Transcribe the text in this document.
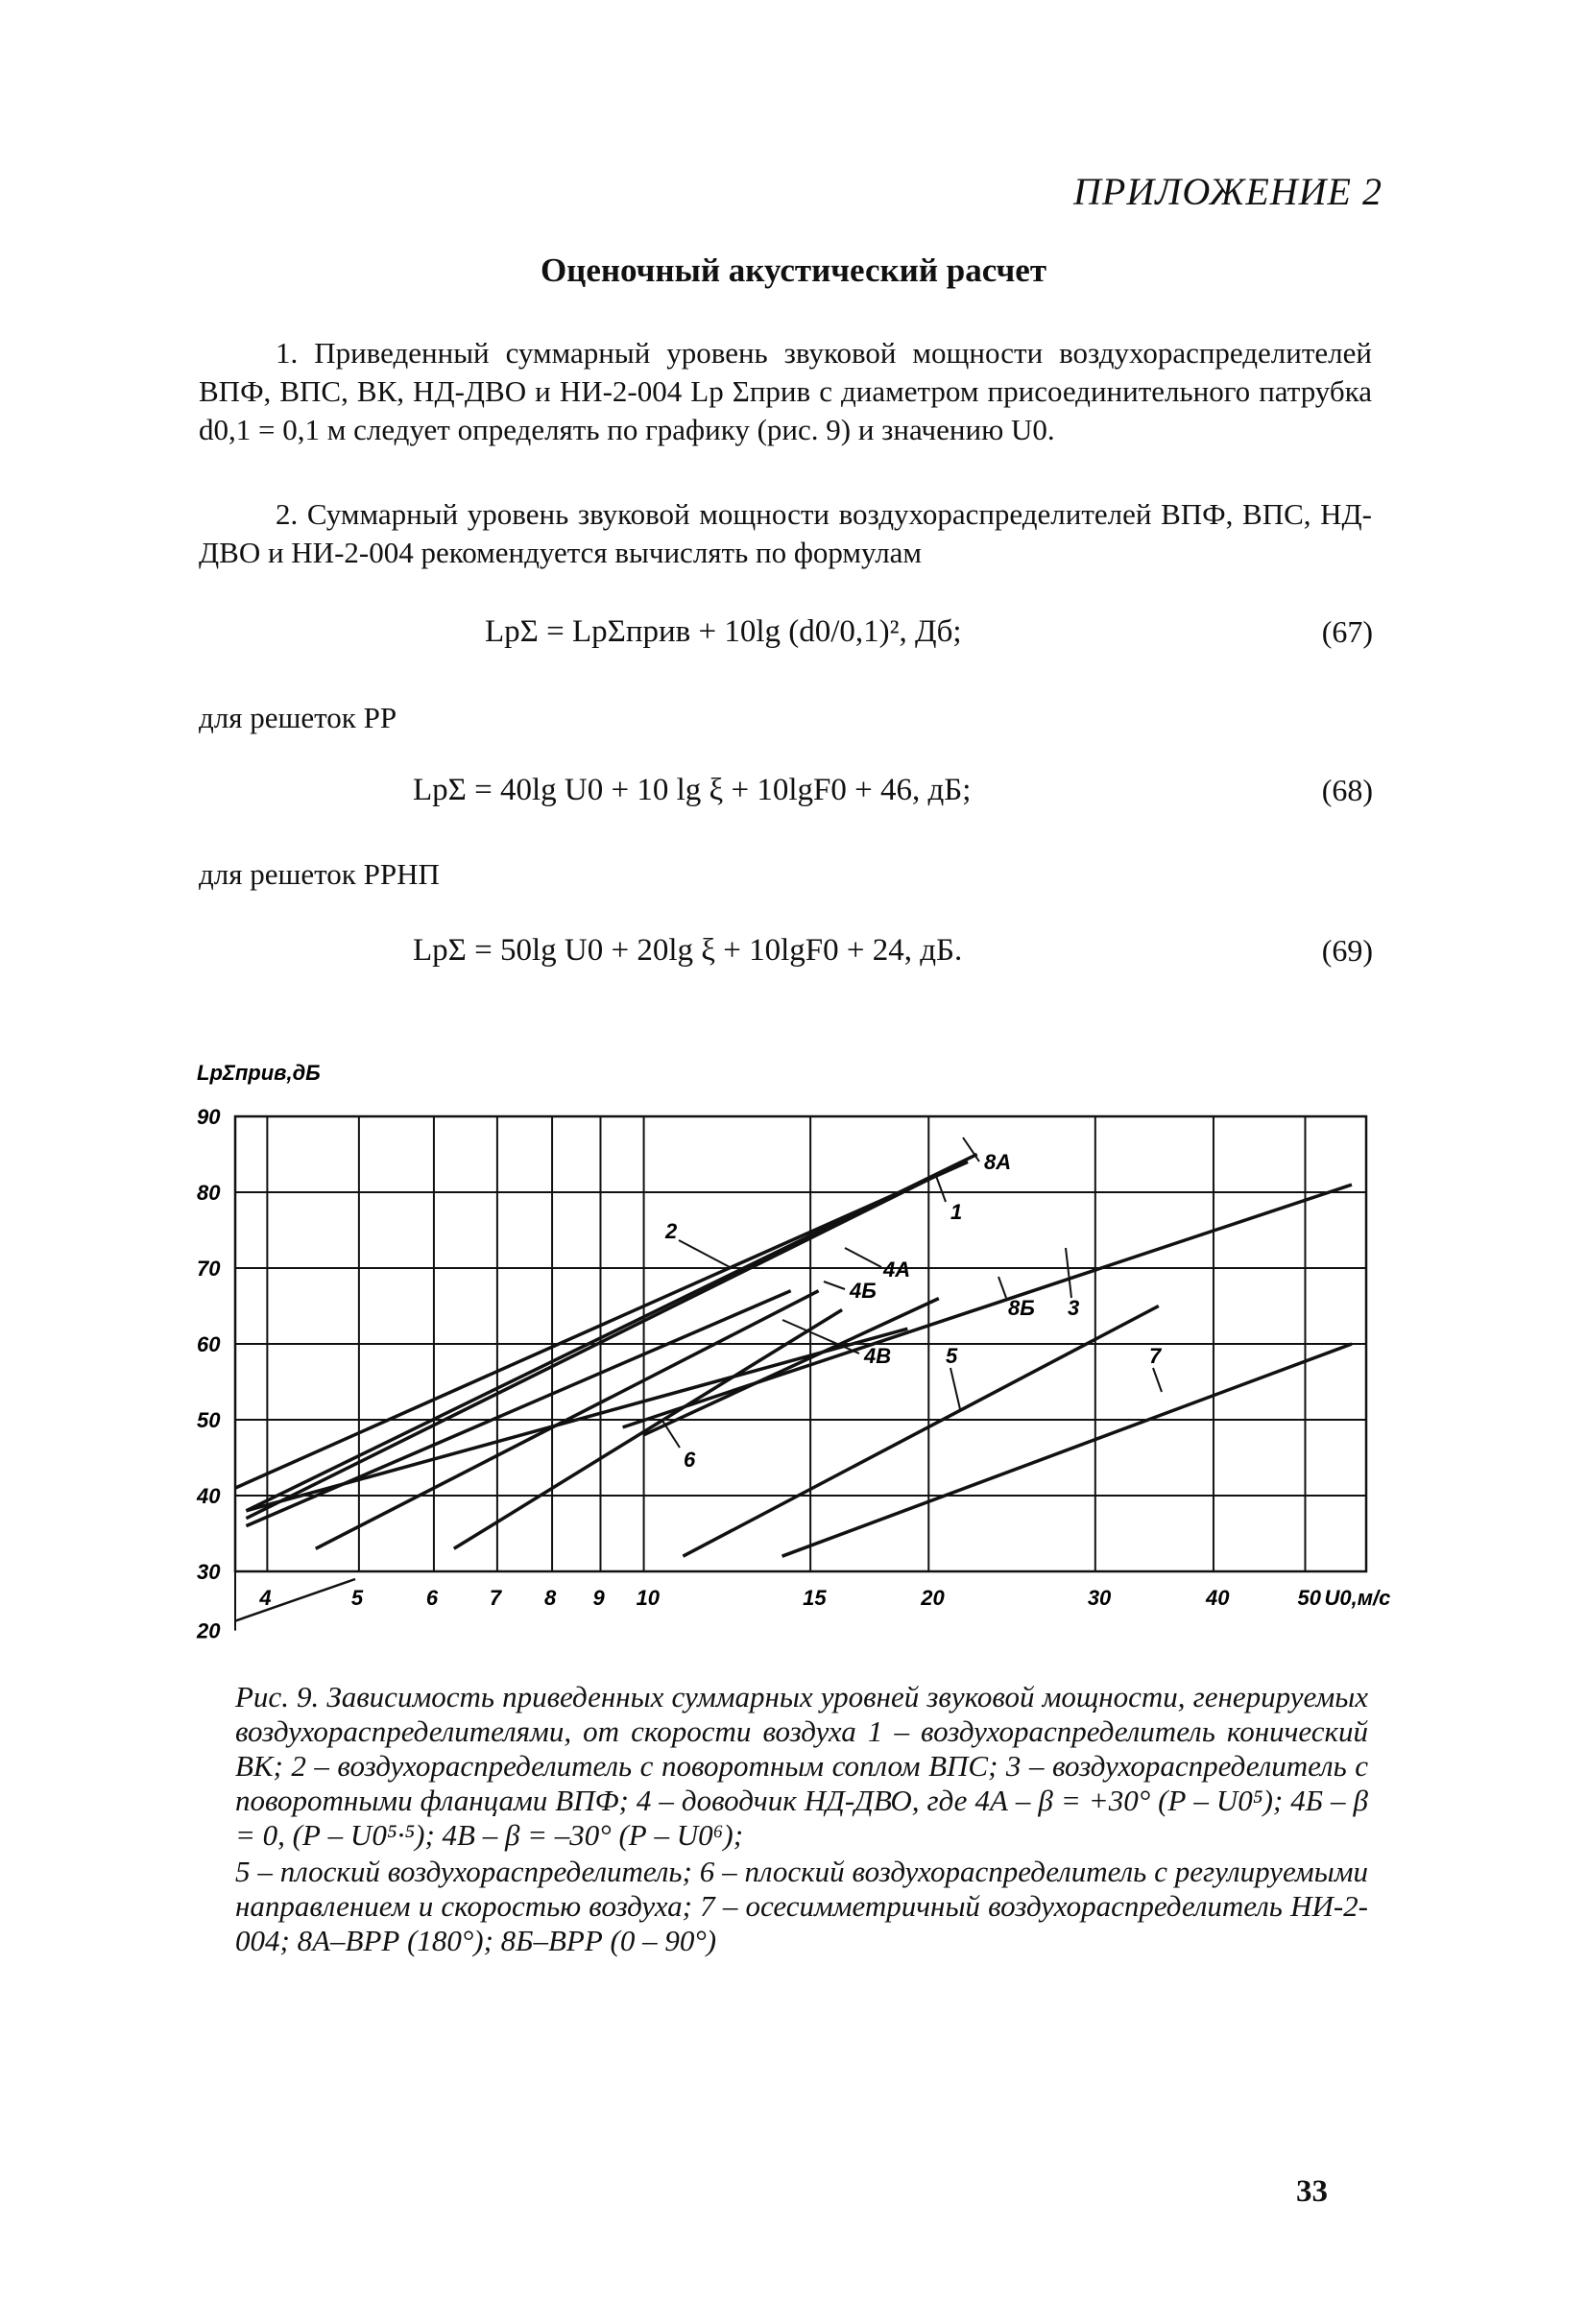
ПРИЛОЖЕНИЕ 2
Оценочный акустический расчет
1. Приведенный суммарный уровень звуковой мощности воздухораспределителей ВПФ, ВПС, ВК, НД-ДВО и НИ-2-004 Lp Σприв с диаметром присоединительного патрубка d0,1 = 0,1 м следует определять по графику (рис. 9) и значению U0.
2. Суммарный уровень звуковой мощности воздухораспределителей ВПФ, ВПС, НД-ДВО и НИ-2-004 рекомендуется вычислять по формулам
LpΣ = LpΣприв + 10lg (d0/0,1)², Дб;	(67)
для решеток РР
LpΣ = 40lg U0 + 10 lg ξ + 10lgF0 + 46, дБ;	(68)
для решеток РРНП
LpΣ = 50lg U0 + 20lg ξ + 10lgF0 + 24, дБ.	(69)
4	5	6 7 8 9 10	15	20	30	40	50 U0,м/с
90
80
70
60
50
40
30
20
LpΣприв,дБ
8А
1
2
4А
4Б
4В
8Б 3
5
6
7

Рис. 9. Зависимость приведенных суммарных уровней звуковой мощности, генерируемых воздухораспределителями, от скорости воздуха 1 – воздухораспределитель конический ВК; 2 – воздухораспределитель с поворотным соплом ВПС; 3 – воздухораспределитель с поворотными фланцами ВПФ; 4 – доводчик НД-ДВО, где 4А – β = +30° (Р – U0⁵); 4Б – β = 0, (Р – U0⁵·⁵); 4В – β = –30° (Р – U0⁶);

5 – плоский воздухораспределитель; 6 – плоский воздухораспределитель с регулируемыми направлением и скоростью воздуха; 7 – осесимметричный воздухораспределитель НИ-2-004; 8А–ВРР (180°); 8Б–ВРР (0 – 90°)

33
